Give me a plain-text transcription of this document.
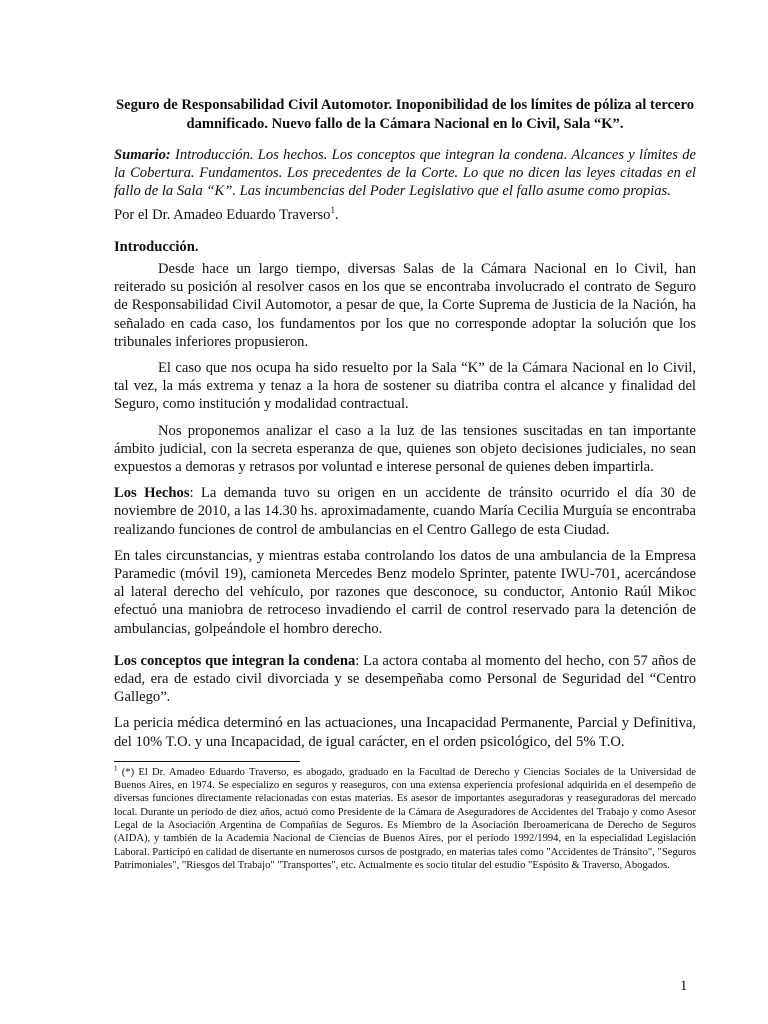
Seguro de Responsabilidad Civil Automotor. Inoponibilidad de los límites de póliza al tercero damnificado. Nuevo fallo de la Cámara Nacional en lo Civil, Sala “K”.

Sumario: Introducción. Los hechos. Los conceptos que integran la condena. Alcances y límites de la Cobertura. Fundamentos. Los precedentes de la Corte. Lo que no dicen las leyes citadas en el fallo de la Sala “K”. Las incumbencias del Poder Legislativo que el fallo asume como propias.

Por el Dr. Amadeo Eduardo Traverso$^1$.

Introducción.

Desde hace un largo tiempo, diversas Salas de la Cámara Nacional en lo Civil, han reiterado su posición al resolver casos en los que se encontraba involucrado el contrato de Seguro de Responsabilidad Civil Automotor, a pesar de que, la Corte Suprema de Justicia de la Nación, ha señalado en cada caso, los fundamentos por los que no corresponde adoptar la solución que los tribunales inferiores propusieron.

El caso que nos ocupa ha sido resuelto por la Sala “K” de la Cámara Nacional en lo Civil, tal vez, la más extrema y tenaz a la hora de sostener su diatriba contra el alcance y finalidad del Seguro, como institución y modalidad contractual.

Nos proponemos analizar el caso a la luz de las tensiones suscitadas en tan importante ámbito judicial, con la secreta esperanza de que, quienes son objeto decisiones judiciales, no sean expuestos a demoras y retrasos por voluntad e interese personal de quienes deben impartirla.

Los Hechos: La demanda tuvo su origen en un accidente de tránsito ocurrido el día 30 de noviembre de 2010, a las 14.30 hs. aproximadamente, cuando María Cecilia Murguía se encontraba realizando funciones de control de ambulancias en el Centro Gallego de esta Ciudad.

En tales circunstancias, y mientras estaba controlando los datos de una ambulancia de la Empresa Paramedic (móvil 19), camioneta Mercedes Benz modelo Sprinter, patente IWU-701, acercándose al lateral derecho del vehículo, por razones que desconoce, su conductor, Antonio Raúl Mikoc efectuó una maniobra de retroceso invadiendo el carril de control reservado para la detención de ambulancias, golpeándole el hombro derecho.

Los conceptos que integran la condena: La actora contaba al momento del hecho, con 57 años de edad, era de estado civil divorciada y se desempeñaba como Personal de Seguridad del “Centro Gallego”.

La pericia médica determinó en las actuaciones, una Incapacidad Permanente, Parcial y Definitiva, del 10% T.O. y una Incapacidad, de igual carácter, en el orden psicológico, del 5% T.O.

$^1$ (*) El Dr. Amadeo Eduardo Traverso, es abogado, graduado en la Facultad de Derecho y Ciencias Sociales de la Universidad de Buenos Aires, en 1974. Se especializo en seguros y reaseguros, con una extensa experiencia profesional adquirida en el desempeño de diversas funciones directamente relacionadas con estas materias. Es asesor de importantes aseguradoras y reaseguradoras del mercado local. Durante un período de diez años, actuó como Presidente de la Cámara de Aseguradores de Accidentes del Trabajo y como Asesor Legal de la Asociación Argentina de Compañías de Seguros. Es Miembro de la Asociación Iberoamericana de Derecho de Seguros (AIDA), y también de la Academia Nacional de Ciencias de Buenos Aires, por el período 1992/1994, en la especialidad Legislación Laboral. Participó en calidad de disertante en numerosos cursos de postgrado, en materias tales como "Accidentes de Tránsito", "Seguros Patrimoniales", "Riesgos del Trabajo" "Transportes", etc. Actualmente es socio titular del estudio "Espósito & Traverso, Abogados.

1
